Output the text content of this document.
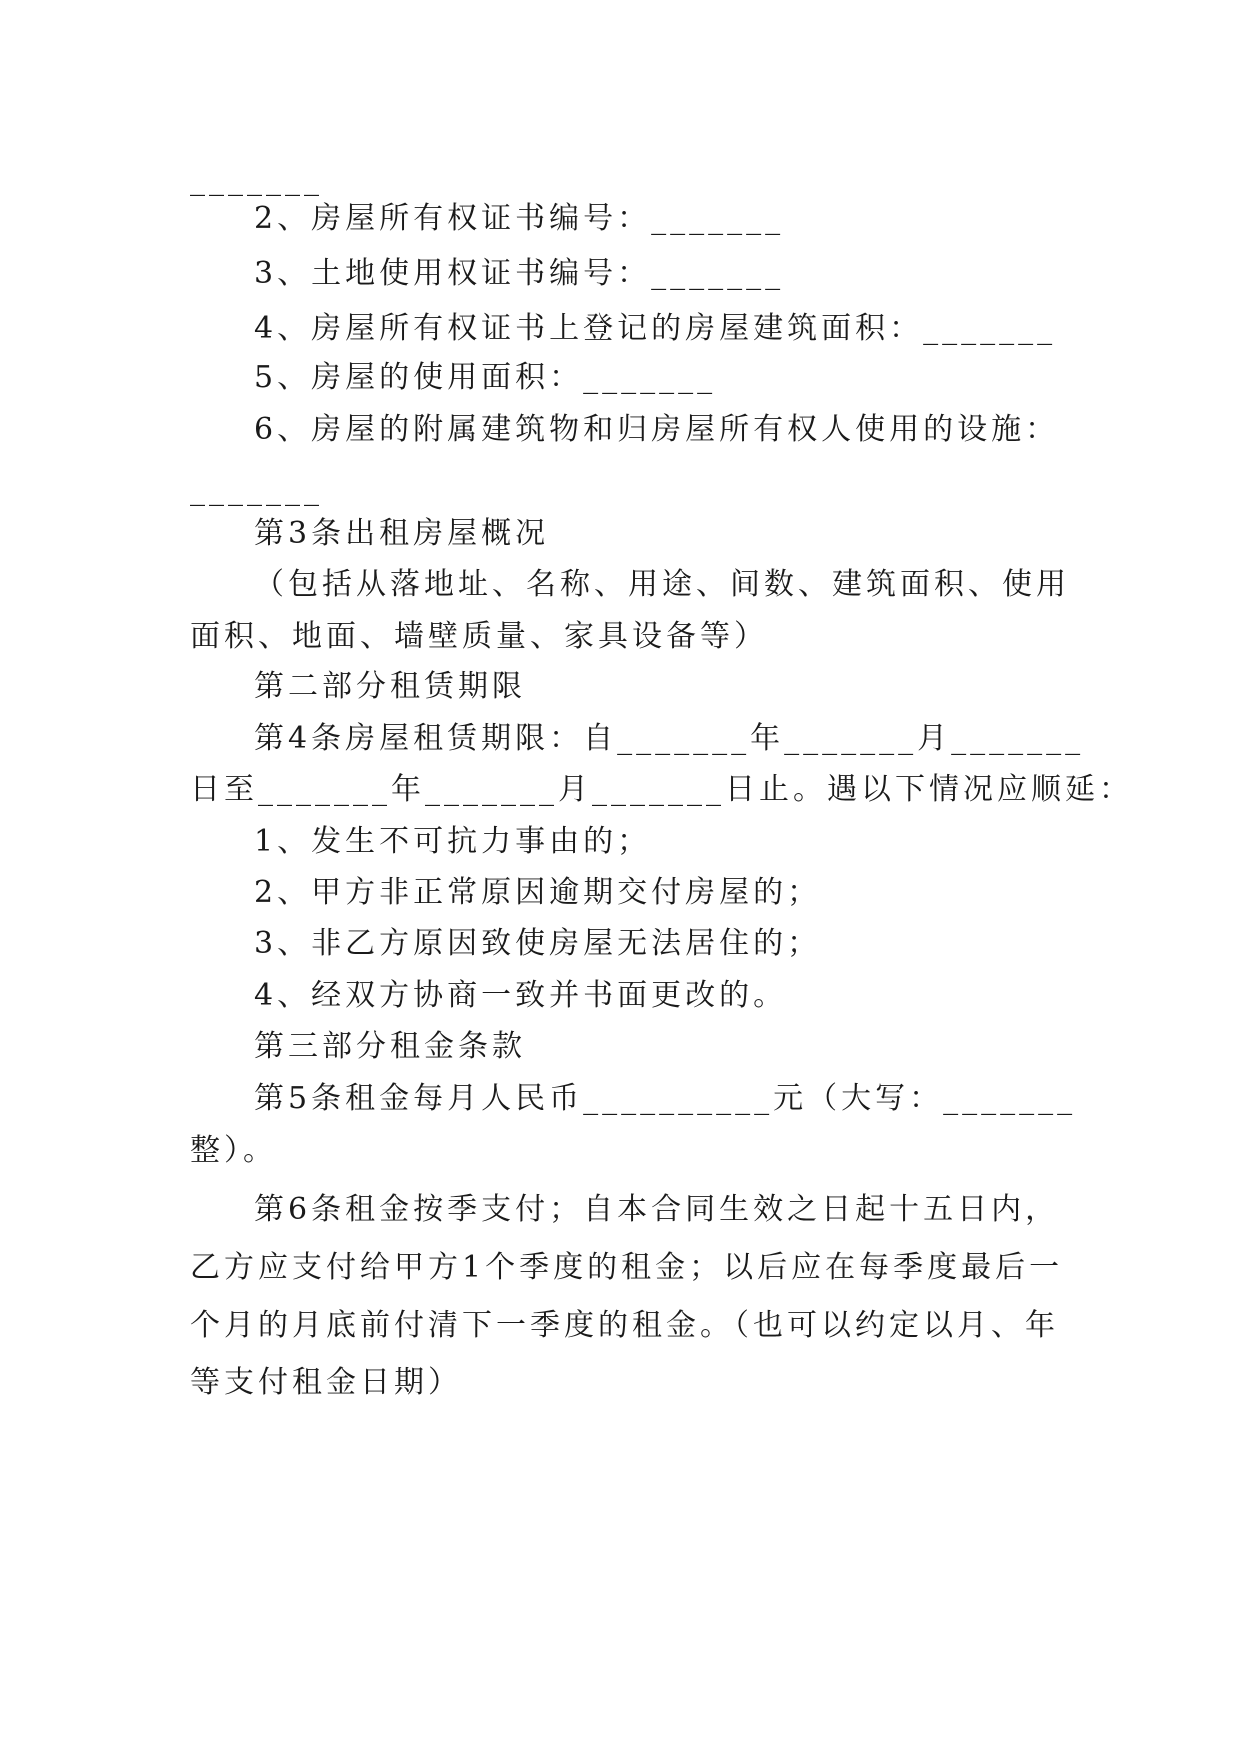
_______
2、房屋所有权证书编号：_______
3、土地使用权证书编号：_______
4、房屋所有权证书上登记的房屋建筑面积：_______
5、房屋的使用面积：_______
6、房屋的附属建筑物和归房屋所有权人使用的设施：
_______
第3条出租房屋概况
（包括从落地址、名称、用途、间数、建筑面积、使用
面积、地面、墙壁质量、家具设备等）
第二部分租赁期限
第4条房屋租赁期限：自_______年_______月_______
日至_______年_______月_______日止。遇以下情况应顺延：
1、发生不可抗力事由的；
2、甲方非正常原因逾期交付房屋的；
3、非乙方原因致使房屋无法居住的；
4、经双方协商一致并书面更改的。
第三部分租金条款
第5条租金每月人民币__________元（大写：_______
整）。
第6条租金按季支付；自本合同生效之日起十五日内，
乙方应支付给甲方1个季度的租金；以后应在每季度最后一
个月的月底前付清下一季度的租金。（也可以约定以月、年
等支付租金日期）
